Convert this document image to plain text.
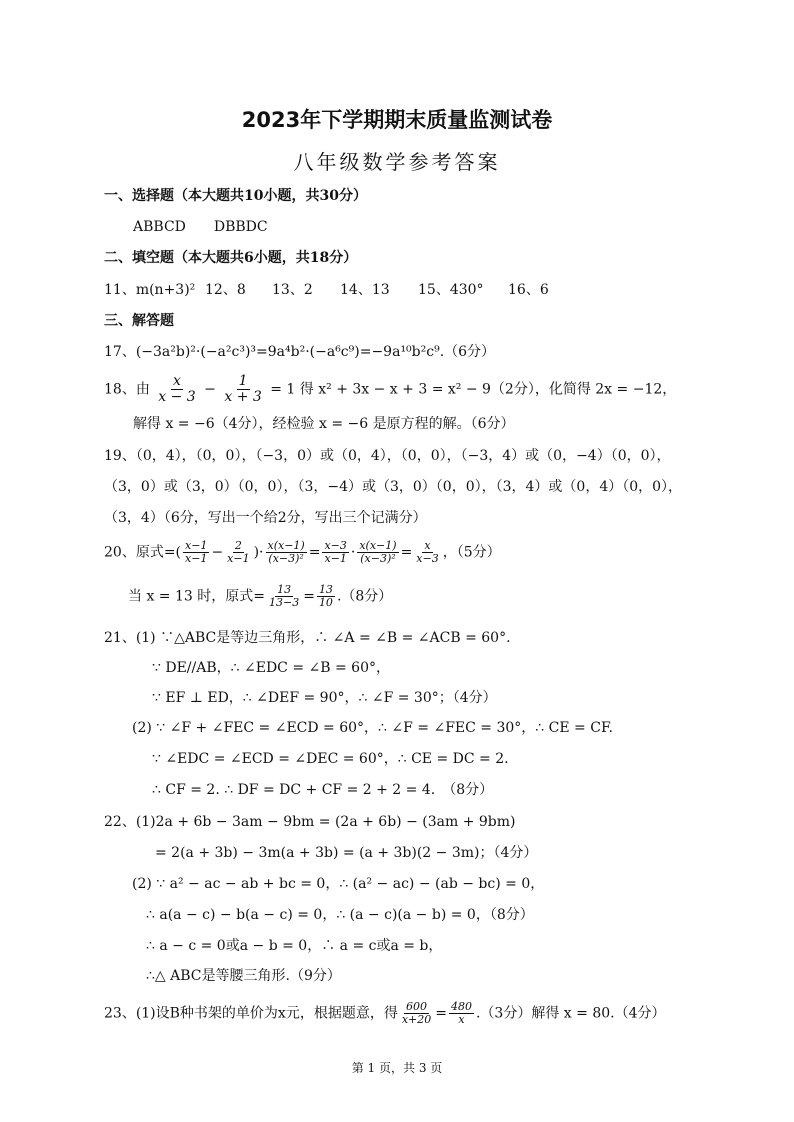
2023年下学期期末质量监测试卷
八年级数学参考答案
一、选择题（本大题共10小题，共30分）
ABBCD　　DBBDC
二、填空题（本大题共6小题，共18分）
11、m(n+3)² 12、8 13、2 14、13 15、430° 16、6
三、解答题
17、(−3a²b)²·(−a²c³)³=9a⁴b²·(−a⁶c⁹)=−9a¹⁰b²c⁹.（6分）
18、由 $\frac{x}{x - 3} - \frac{1}{x + 3} = 1$ 得 x² + 3x − x + 3 = x² − 9（2分），化简得 2x = −12，
解得 x = −6（4分），经检验 x = −6 是原方程的解。（6分）
19、（0，4），（0，0），（−3，0）或（0，4），（0，0），（−3，4）或（0，−4）（0，0），
（3，0）或（3，0）（0，0），（3，−4）或（3，0）（0，0），（3，4）或（0，4）（0，0），
（3，4）（6分，写出一个给2分，写出三个记满分）
20、原式=( $\frac{x-1}{x-1} - \frac{2}{x-1}$ )· $\frac{x(x-1)}{\text{(x−3)²}} = \frac{x-3}{x-1} \cdot \frac{x(x-1)}{\text{(x−3)²}} = \frac{x}{x-3}$ ，（5分）
当 x = 13 时，原式= $\frac{13}{13-3} = \frac{13}{10} .(8$分）
21、(1) ∵△ABC是等边三角形，∴ ∠A = ∠B = ∠ACB = 60°.
∵ DE//AB，∴ ∠EDC = ∠B = 60°，
∵ EF ⊥ ED，∴ ∠DEF = 90°，∴ ∠F = 30°；（4分）
(2) ∵ ∠F + ∠FEC = ∠ECD = 60°，∴ ∠F = ∠FEC = 30°，∴ CE = CF.
∵ ∠EDC = ∠ECD = ∠DEC = 60°，∴ CE = DC = 2.
∴ CF = 2. ∴ DF = DC + CF = 2 + 2 = 4.　（8分）
22、(1)2a + 6b − 3am − 9bm = (2a + 6b) − (3am + 9bm)
= 2(a + 3b) − 3m(a + 3b) = (a + 3b)(2 − 3m)；（4分）
(2) ∵ a² − ac − ab + bc = 0，∴ (a² − ac) − (ab − bc) = 0，
∴ a(a − c) − b(a − c) = 0，∴ (a − c)(a − b) = 0，（8分）
∴ a − c = 0或a − b = 0，∴ a = c或a = b，
∴△ ABC是等腰三角形.（9分）
23、(1)设B种书架的单价为x元，根据题意，得 $\frac{600}{x+20} = \frac{480}{x} .(3$分）解得 x = 80.（4分）
第 1 页，共 3 页
